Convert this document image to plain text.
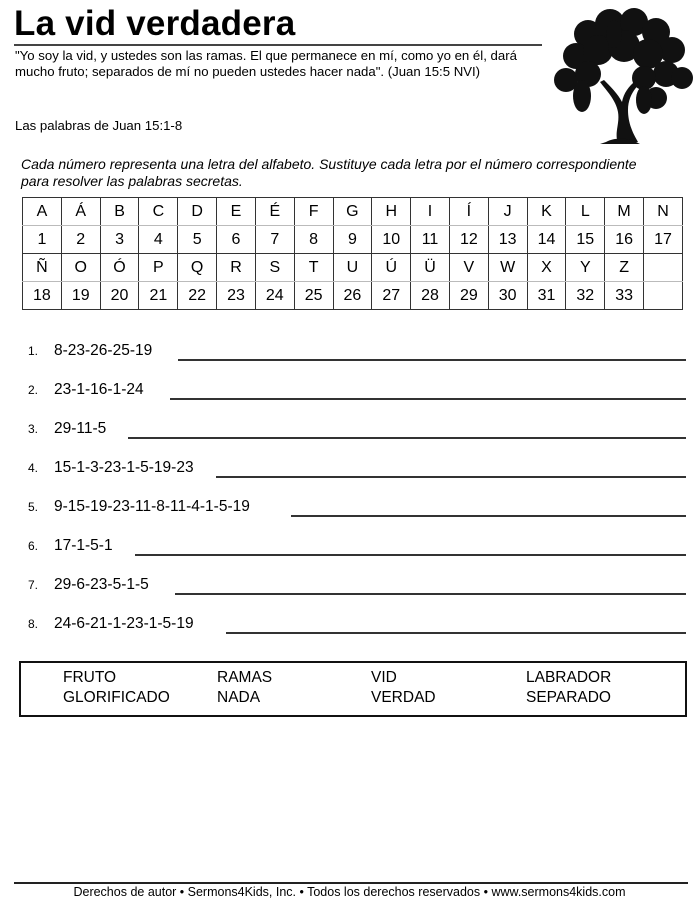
La vid verdadera
"Yo soy la vid, y ustedes son las ramas. El que permanece en mí, como yo en él, dará mucho fruto; separados de mí no pueden ustedes hacer nada". (Juan 15:5 NVI)
Las palabras de Juan 15:1-8
Cada número representa una letra del alfabeto. Sustituye cada letra por el número correspondiente para resolver las palabras secretas.
A	Á	B	C	D	E	É	F	G	H	I	Í	J	K	L	M	N
1	2	3	4	5	6	7	8	9	10	11	12	13	14	15	16	17
Ñ	O	Ó	P	Q	R	S	T	U	Ú	Ü	V	W	X	Y	Z	
18	19	20	21	22	23	24	25	26	27	28	29	30	31	32	33	
1. 8-23-26-25-19
2. 23-1-16-1-24
3. 29-11-5
4. 15-1-3-23-1-5-19-23
5. 9-15-19-23-11-8-11-4-1-5-19
6. 17-1-5-1
7. 29-6-23-5-1-5
8. 24-6-21-1-23-1-5-19
FRUTO	RAMAS	VID	LABRADOR
GLORIFICADO	NADA	VERDAD	SEPARADO
Derechos de autor • Sermons4Kids, Inc. • Todos los derechos reservados • www.sermons4kids.com
